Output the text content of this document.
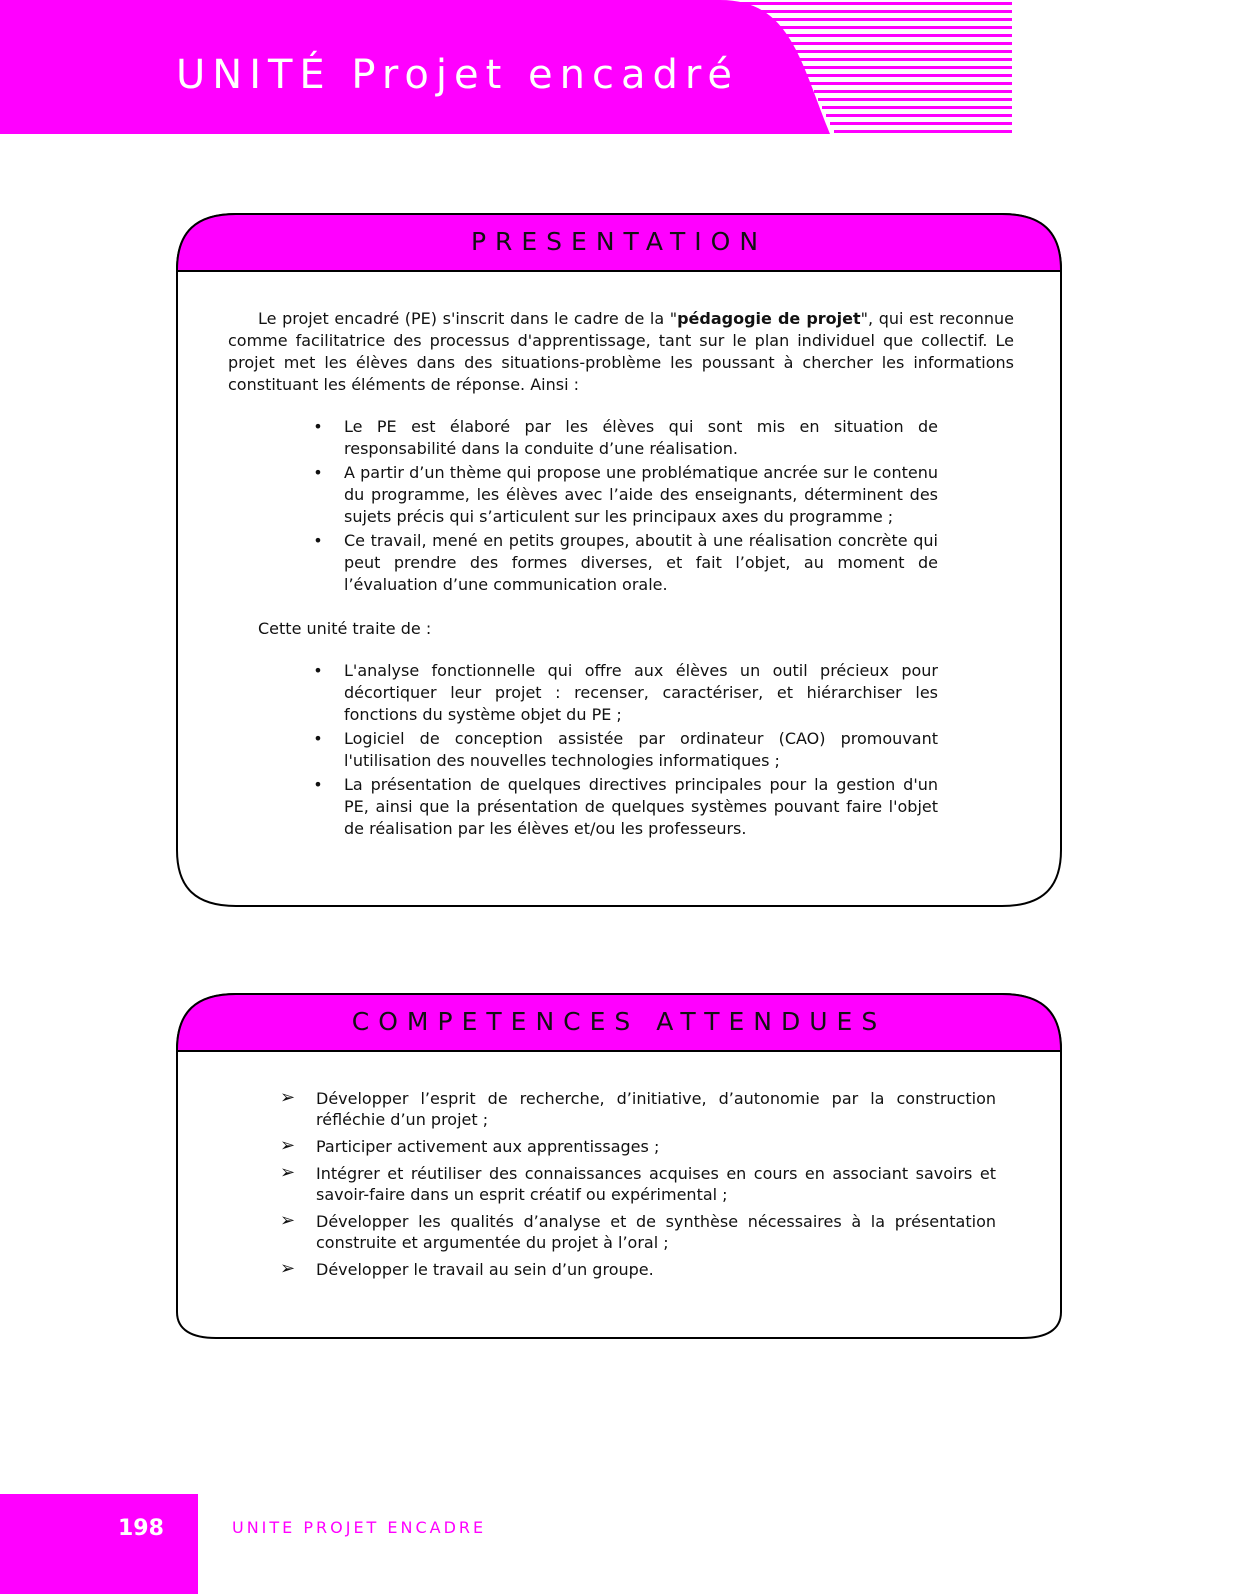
UNITÉ Projet encadré
PRESENTATION

Le projet encadré (PE) s'inscrit dans le cadre de la "pédagogie de projet", qui est reconnue comme facilitatrice des processus d'apprentissage, tant sur le plan individuel que collectif. Le projet met les élèves dans des situations-problème les poussant à chercher les informations constituant les éléments de réponse. Ainsi :

• Le PE est élaboré par les élèves qui sont mis en situation de responsabilité dans la conduite d’une réalisation.
• A partir d’un thème qui propose une problématique ancrée sur le contenu du programme, les élèves avec l’aide des enseignants, déterminent des sujets précis qui s’articulent sur les principaux axes du programme ;
• Ce travail, mené en petits groupes, aboutit à une réalisation concrète qui peut prendre des formes diverses, et fait l’objet, au moment de l’évaluation d’une communication orale.
Cette unité traite de :
• L'analyse fonctionnelle qui offre aux élèves un outil précieux pour décortiquer leur projet : recenser, caractériser, et hiérarchiser les fonctions du système objet du PE ;
• Logiciel de conception assistée par ordinateur (CAO) promouvant l'utilisation des nouvelles technologies informatiques ;
• La présentation de quelques directives principales pour la gestion d'un PE, ainsi que la présentation de quelques systèmes pouvant faire l'objet de réalisation par les élèves et/ou les professeurs.
COMPETENCES ATTENDUES
➢	Développer l’esprit de recherche, d’initiative, d’autonomie par la construction réfléchie d’un projet ;
➢	Participer activement aux apprentissages ;
➢	Intégrer et réutiliser des connaissances acquises en cours en associant savoirs et savoir-faire dans un esprit créatif ou expérimental ;
➢	Développer les qualités d’analyse et de synthèse nécessaires à la présentation construite et argumentée du projet à l’oral ;
➢	Développer le travail au sein d’un groupe.
198	UNITE PROJET ENCADRE
